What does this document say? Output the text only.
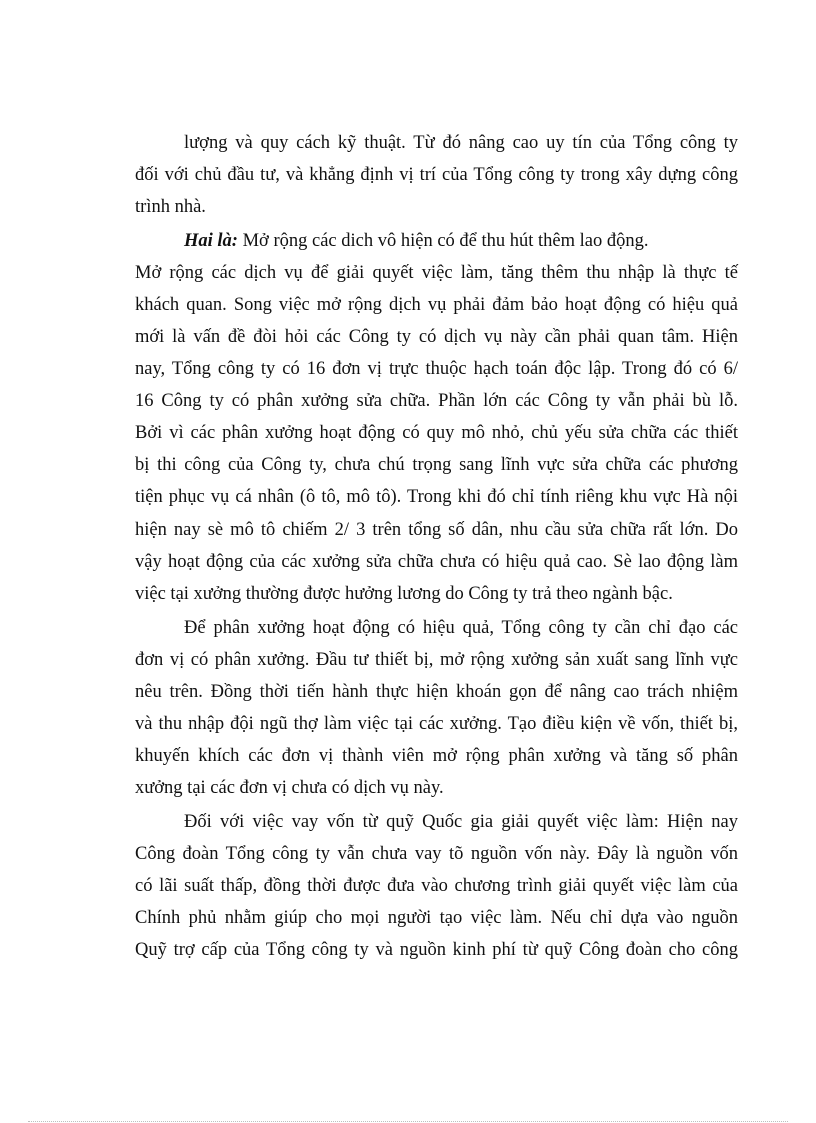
lượng và quy cách kỹ thuật. Từ đó nâng cao uy tín của Tổng công ty
đối với chủ đầu tư, và khẳng định vị trí của Tổng công ty trong xây dựng công
trình nhà.
Hai là: Mở rộng các dich vô hiện có để thu hút thêm lao động.
Mở rộng các dịch vụ để giải quyết việc làm, tăng thêm thu nhập là thực tế
khách quan. Song việc mở rộng dịch vụ phải đảm bảo hoạt động có hiệu quả
mới là vấn đề đòi hỏi các Công ty có dịch vụ này cần phải quan tâm. Hiện
nay, Tổng công ty có 16 đơn vị trực thuộc hạch toán độc lập. Trong đó có 6/
16 Công ty có phân xưởng sửa chữa. Phần lớn các Công ty vẫn phải bù lỗ.
Bởi vì các phân xưởng hoạt động có quy mô nhỏ, chủ yếu sửa chữa các thiết
bị thi công của Công ty, chưa chú trọng sang lĩnh vực sửa chữa các phương
tiện phục vụ cá nhân (ô tô, mô tô). Trong khi đó chỉ tính riêng khu vực Hà nội
hiện nay sè mô tô chiếm 2/ 3 trên tổng số dân, nhu cầu sửa chữa rất lớn. Do
vậy hoạt động của các xưởng sửa chữa chưa có hiệu quả cao. Sè lao động làm
việc tại xưởng thường được hưởng lương do Công ty trả theo ngành bậc.
Để phân xưởng hoạt động có hiệu quả, Tổng công ty cần chỉ đạo các
đơn vị có phân xưởng. Đầu tư thiết bị, mở rộng xưởng sản xuất sang lĩnh vực
nêu trên. Đồng thời tiến hành thực hiện khoán gọn để nâng cao trách nhiệm
và thu nhập đội ngũ thợ làm việc tại các xưởng. Tạo điều kiện về vốn, thiết bị,
khuyến khích các đơn vị thành viên mở rộng phân xưởng và tăng số phân
xưởng tại các đơn vị chưa có dịch vụ này.
Đối với việc vay vốn từ quỹ Quốc gia giải quyết việc làm: Hiện nay
Công đoàn Tổng công ty vẫn chưa vay tõ nguồn vốn này. Đây là nguồn vốn
có lãi suất thấp, đồng thời được đưa vào chương trình giải quyết việc làm của
Chính phủ nhằm giúp cho mọi người tạo việc làm. Nếu chỉ dựa vào nguồn
Quỹ trợ cấp của Tổng công ty và nguồn kinh phí từ quỹ Công đoàn cho công
